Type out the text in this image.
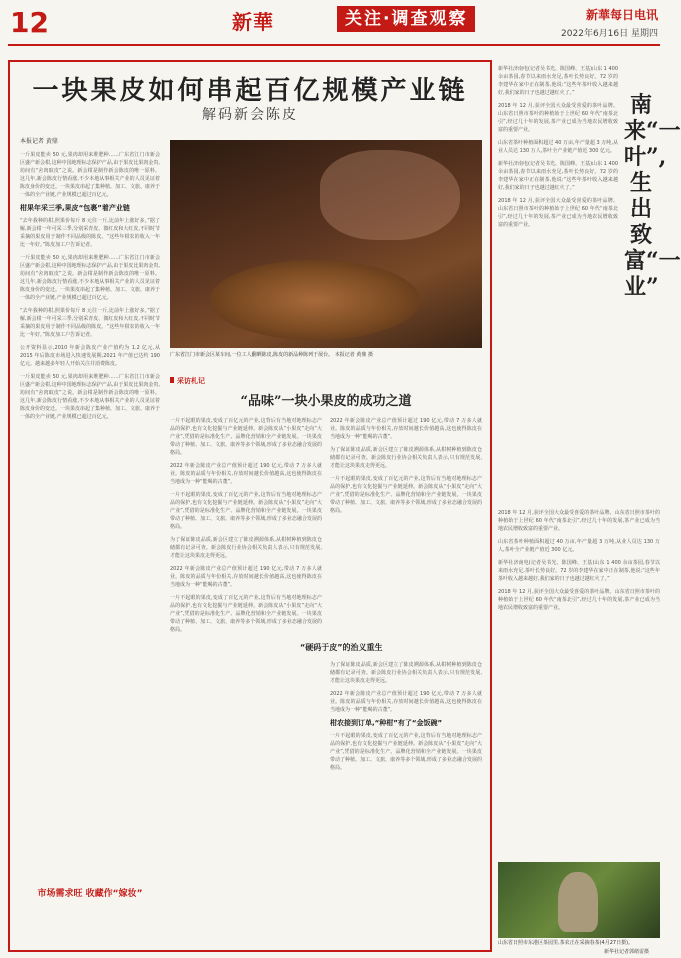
12	新華	关注·调查观察	新華每日电讯
2022年6月16日 星期四
一块果皮如何串起百亿规模产业链
解码新会陈皮
本报记者 黄鼎

一斤果皮能卖 50 元,果肉却用来堆肥种……广东省江门市新会区盛产新会柑,这种中国地理标志保护产品,由于果皮比果肉金贵,坊间有“舍肉取皮”之说。新会柑是制作新会陈皮的唯一原料。这几年,新会陈皮行情看涨,不少本地从事相关产业的人员见证着陈皮身价的变迁。一块果皮串起了集种植、加工、文旅、康养于一体的全产业链,产业规模已超过百亿元。

柑果年采三季,果皮“包裹”着产业链

“去年我种的柑,照果价每斤 8 元往一斤,比前年上涨好多。”据了解,新会柑一年可采三季,分别采青皮、微红皮和大红皮,不同时节采摘的果皮用于制作不同品级的陈皮。“这些年柑农的收入一年比一年好。”陈皮加工户告诉记者。

一斤果皮能卖 50 元,果肉却用来堆肥种……广东省江门市新会区盛产新会柑,这种中国地理标志保护产品,由于果皮比果肉金贵,坊间有“舍肉取皮”之说。新会柑是制作新会陈皮的唯一原料。这几年,新会陈皮行情看涨,不少本地从事相关产业的人员见证着陈皮身价的变迁。一块果皮串起了集种植、加工、文旅、康养于一体的全产业链,产业规模已超过百亿元。

“去年我种的柑,照果价每斤 8 元往一斤,比前年上涨好多。”据了解,新会柑一年可采三季,分别采青皮、微红皮和大红皮,不同时节采摘的果皮用于制作不同品级的陈皮。“这些年柑农的收入一年比一年好。”陈皮加工户告诉记者。

公开资料显示,2010 年新会陈皮产业产值约为 1.2 亿元,从 2015 年后陈皮市场进入快速发展期,2021 年产值已达约 190 亿元。越来越多年轻人开始关注并消费陈皮。

一斤果皮能卖 50 元,果肉却用来堆肥种……广东省江门市新会区盛产新会柑,这种中国地理标志保护产品,由于果皮比果肉金贵,坊间有“舍肉取皮”之说。新会柑是制作新会陈皮的唯一原料。这几年,新会陈皮行情看涨,不少本地从事相关产业的人员见证着陈皮身价的变迁。一块果皮串起了集种植、加工、文旅、康养于一体的全产业链,产业规模已超过百亿元。

市场需求旺 收藏作“嫁妆”
广东省江门市新会区某车间,一位工人翻晒陈皮,陈皮的新品种陈列于展台。 本报记者 黄鼎 摄
采访札记
“品味”一块小果皮的成功之道

一片不起眼的果皮,变成了百亿元的产业,这背后有当地对地理标志产品的保护,也有文化挖掘与产业链延伸。新会陈皮从“小果皮”走向“大产业”,凭借的是标准化生产、品牌化营销和全产业链发展。一块果皮带动了种植、加工、文旅、康养等多个领域,形成了多业态融合发展的格局。

2022 年新会陈皮产业总产值预计超过 190 亿元,带动 7 万多人就业。陈皮的品质与年份相关,存放时间越长价值越高,这也使得陈皮在当地成为一种“能喝的古董”。

一片不起眼的果皮,变成了百亿元的产业,这背后有当地对地理标志产品的保护,也有文化挖掘与产业链延伸。新会陈皮从“小果皮”走向“大产业”,凭借的是标准化生产、品牌化营销和全产业链发展。一块果皮带动了种植、加工、文旅、康养等多个领域,形成了多业态融合发展的格局。

为了保证陈皮品质,新会区建立了陈皮溯源体系,从柑树种植到陈皮仓储都有记录可查。新会陈皮行业协会相关负责人表示,只有规范发展,才能让这块果皮走得更远。

2022 年新会陈皮产业总产值预计超过 190 亿元,带动 7 万多人就业。陈皮的品质与年份相关,存放时间越长价值越高,这也使得陈皮在当地成为一种“能喝的古董”。

一片不起眼的果皮,变成了百亿元的产业,这背后有当地对地理标志产品的保护,也有文化挖掘与产业链延伸。新会陈皮从“小果皮”走向“大产业”,凭借的是标准化生产、品牌化营销和全产业链发展。一块果皮带动了种植、加工、文旅、康养等多个领域,形成了多业态融合发展的格局。

2022 年新会陈皮产业总产值预计超过 190 亿元,带动 7 万多人就业。陈皮的品质与年份相关,存放时间越长价值越高,这也使得陈皮在当地成为一种“能喝的古董”。

为了保证陈皮品质,新会区建立了陈皮溯源体系,从柑树种植到陈皮仓储都有记录可查。新会陈皮行业协会相关负责人表示,只有规范发展,才能让这块果皮走得更远。

一片不起眼的果皮,变成了百亿元的产业,这背后有当地对地理标志产品的保护,也有文化挖掘与产业链延伸。新会陈皮从“小果皮”走向“大产业”,凭借的是标准化生产、品牌化营销和全产业链发展。一块果皮带动了种植、加工、文旅、康养等多个领域,形成了多业态融合发展的格局。

“硬码于皮”的治义重生

为了保证陈皮品质,新会区建立了陈皮溯源体系,从柑树种植到陈皮仓储都有记录可查。新会陈皮行业协会相关负责人表示,只有规范发展,才能让这块果皮走得更远。

2022 年新会陈皮产业总产值预计超过 190 亿元,带动 7 万多人就业。陈皮的品质与年份相关,存放时间越长价值越高,这也使得陈皮在当地成为一种“能喝的古董”。

柑农接到订单,“种柑”有了“金饭碗”

一片不起眼的果皮,变成了百亿元的产业,这背后有当地对地理标志产品的保护,也有文化挖掘与产业链延伸。新会陈皮从“小果皮”走向“大产业”,凭借的是标准化生产、品牌化营销和全产业链发展。一块果皮带动了种植、加工、文旅、康养等多个领域,形成了多业态融合发展的格局。

新华社济南电(记者吴书光、陈国峰、王基)山东 1 400 余亩茶园,春节以来雨水充足,茶叶长势良好。72 岁的李建华在家中正在制茶,他说:“这些年茶叶收入越来越好,我们家的日子也越过越红火了。”

2018 年 12 月,获评全国大众最受喜爱的茶叶品牌。山东省日照市茶叶的种植始于上世纪 60 年代“南茶北引”,经过几十年的发展,茶产业已成为当地农民增收致富的重要产业。

山东省茶叶种植面积超过 40 万亩,年产量超 3 万吨,从业人员达 130 万人,茶叶全产业链产值近 300 亿元。

新华社济南电(记者吴书光、陈国峰、王基)山东 1 400 余亩茶园,春节以来雨水充足,茶叶长势良好。72 岁的李建华在家中正在制茶,他说:“这些年茶叶收入越来越好,我们家的日子也越过越红火了。”

2018 年 12 月,获评全国大众最受喜爱的茶叶品牌。山东省日照市茶叶的种植始于上世纪 60 年代“南茶北引”,经过几十年的发展,茶产业已成为当地农民增收致富的重要产业。

南来“一叶”,生出致富“一业”

2018 年 12 月,获评全国大众最受喜爱的茶叶品牌。山东省日照市茶叶的种植始于上世纪 60 年代“南茶北引”,经过几十年的发展,茶产业已成为当地农民增收致富的重要产业。

山东省茶叶种植面积超过 40 万亩,年产量超 3 万吨,从业人员达 130 万人,茶叶全产业链产值近 300 亿元。

新华社济南电(记者吴书光、陈国峰、王基)山东 1 400 余亩茶园,春节以来雨水充足,茶叶长势良好。72 岁的李建华在家中正在制茶,他说:“这些年茶叶收入越来越好,我们家的日子也越过越红火了。”

2018 年 12 月,获评全国大众最受喜爱的茶叶品牌。山东省日照市茶叶的种植始于上世纪 60 年代“南茶北引”,经过几十年的发展,茶产业已成为当地农民增收致富的重要产业。

山东省日照市东港区茶园里,茶农正在采摘春茶(4月27日摄)。
新华社记者郭绪雷摄
